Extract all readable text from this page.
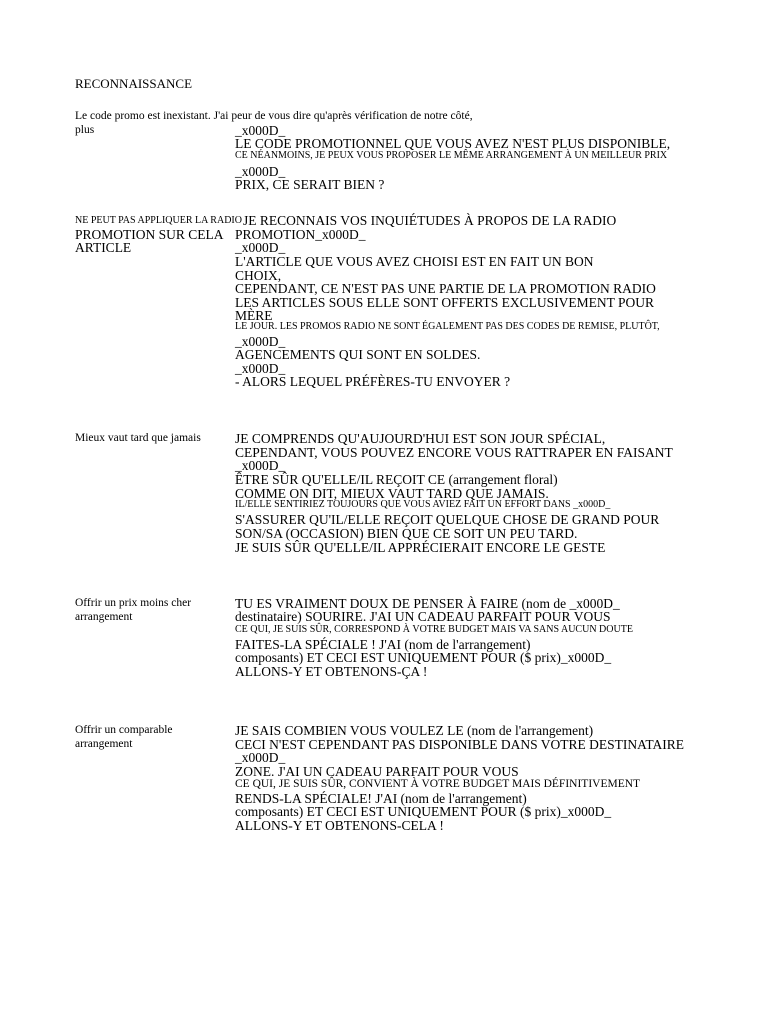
RECONNAISSANCE
Le code promo est inexistant. J'ai peur de vous dire qu'après vérification de notre côté,
plus	_x000D_
LE CODE PROMOTIONNEL QUE VOUS AVEZ N'EST PLUS DISPONIBLE,
CE NÉANMOINS, JE PEUX VOUS PROPOSER LE MÊME ARRANGEMENT À UN MEILLEUR PRIX
_x000D_
PRIX, CE SERAIT BIEN ?
NE PEUT PAS APPLIQUER LA RADIO
PROMOTION SUR CELA
ARTICLE
JE RECONNAIS VOS INQUIÉTUDES À PROPOS DE LA RADIO
PROMOTION_x000D_
_x000D_
L'ARTICLE QUE VOUS AVEZ CHOISI EST EN FAIT UN BON
CHOIX,
CEPENDANT, CE N'EST PAS UNE PARTIE DE LA PROMOTION RADIO
LES ARTICLES SOUS ELLE SONT OFFERTS EXCLUSIVEMENT POUR
MÈRE
LE JOUR. LES PROMOS RADIO NE SONT ÉGALEMENT PAS DES CODES DE REMISE, PLUTÔT,
_x000D_
AGENCEMENTS QUI SONT EN SOLDES.
_x000D_
- ALORS LEQUEL PRÉFÈRES-TU ENVOYER ?
Mieux vaut tard que jamais	JE COMPRENDS QU'AUJOURD'HUI EST SON JOUR SPÉCIAL,
CEPENDANT, VOUS POUVEZ ENCORE VOUS RATTRAPER EN FAISANT
_x000D_
ÊTRE SÛR QU'ELLE/IL REÇOIT CE (arrangement floral)
COMME ON DIT, MIEUX VAUT TARD QUE JAMAIS.
IL/ELLE SENTIRIEZ TOUJOURS QUE VOUS AVIEZ FAIT UN EFFORT DANS _x000D_
S'ASSURER QU'IL/ELLE REÇOIT QUELQUE CHOSE DE GRAND POUR
SON/SA (OCCASION) BIEN QUE CE SOIT UN PEU TARD.
JE SUIS SÛR QU'ELLE/IL APPRÉCIERAIT ENCORE LE GESTE
Offrir un prix moins cher
arrangement
TU ES VRAIMENT DOUX DE PENSER À FAIRE (nom de _x000D_
destinataire) SOURIRE. J'AI UN CADEAU PARFAIT POUR VOUS
CE QUI, JE SUIS SÛR, CORRESPOND À VOTRE BUDGET MAIS VA SANS AUCUN DOUTE
FAITES-LA SPÉCIALE ! J'AI (nom de l'arrangement)
composants) ET CECI EST UNIQUEMENT POUR ($ prix)_x000D_
ALLONS-Y ET OBTENONS-ÇA !
Offrir un comparable
arrangement
JE SAIS COMBIEN VOUS VOULEZ LE (nom de l'arrangement)
CECI N'EST CEPENDANT PAS DISPONIBLE DANS VOTRE DESTINATAIRE
_x000D_
ZONE. J'AI UN CADEAU PARFAIT POUR VOUS
CE QUI, JE SUIS SÛR, CONVIENT À VOTRE BUDGET MAIS DÉFINITIVEMENT
RENDS-LA SPÉCIALE! J'AI (nom de l'arrangement)
composants) ET CECI EST UNIQUEMENT POUR ($ prix)_x000D_
ALLONS-Y ET OBTENONS-CELA !
